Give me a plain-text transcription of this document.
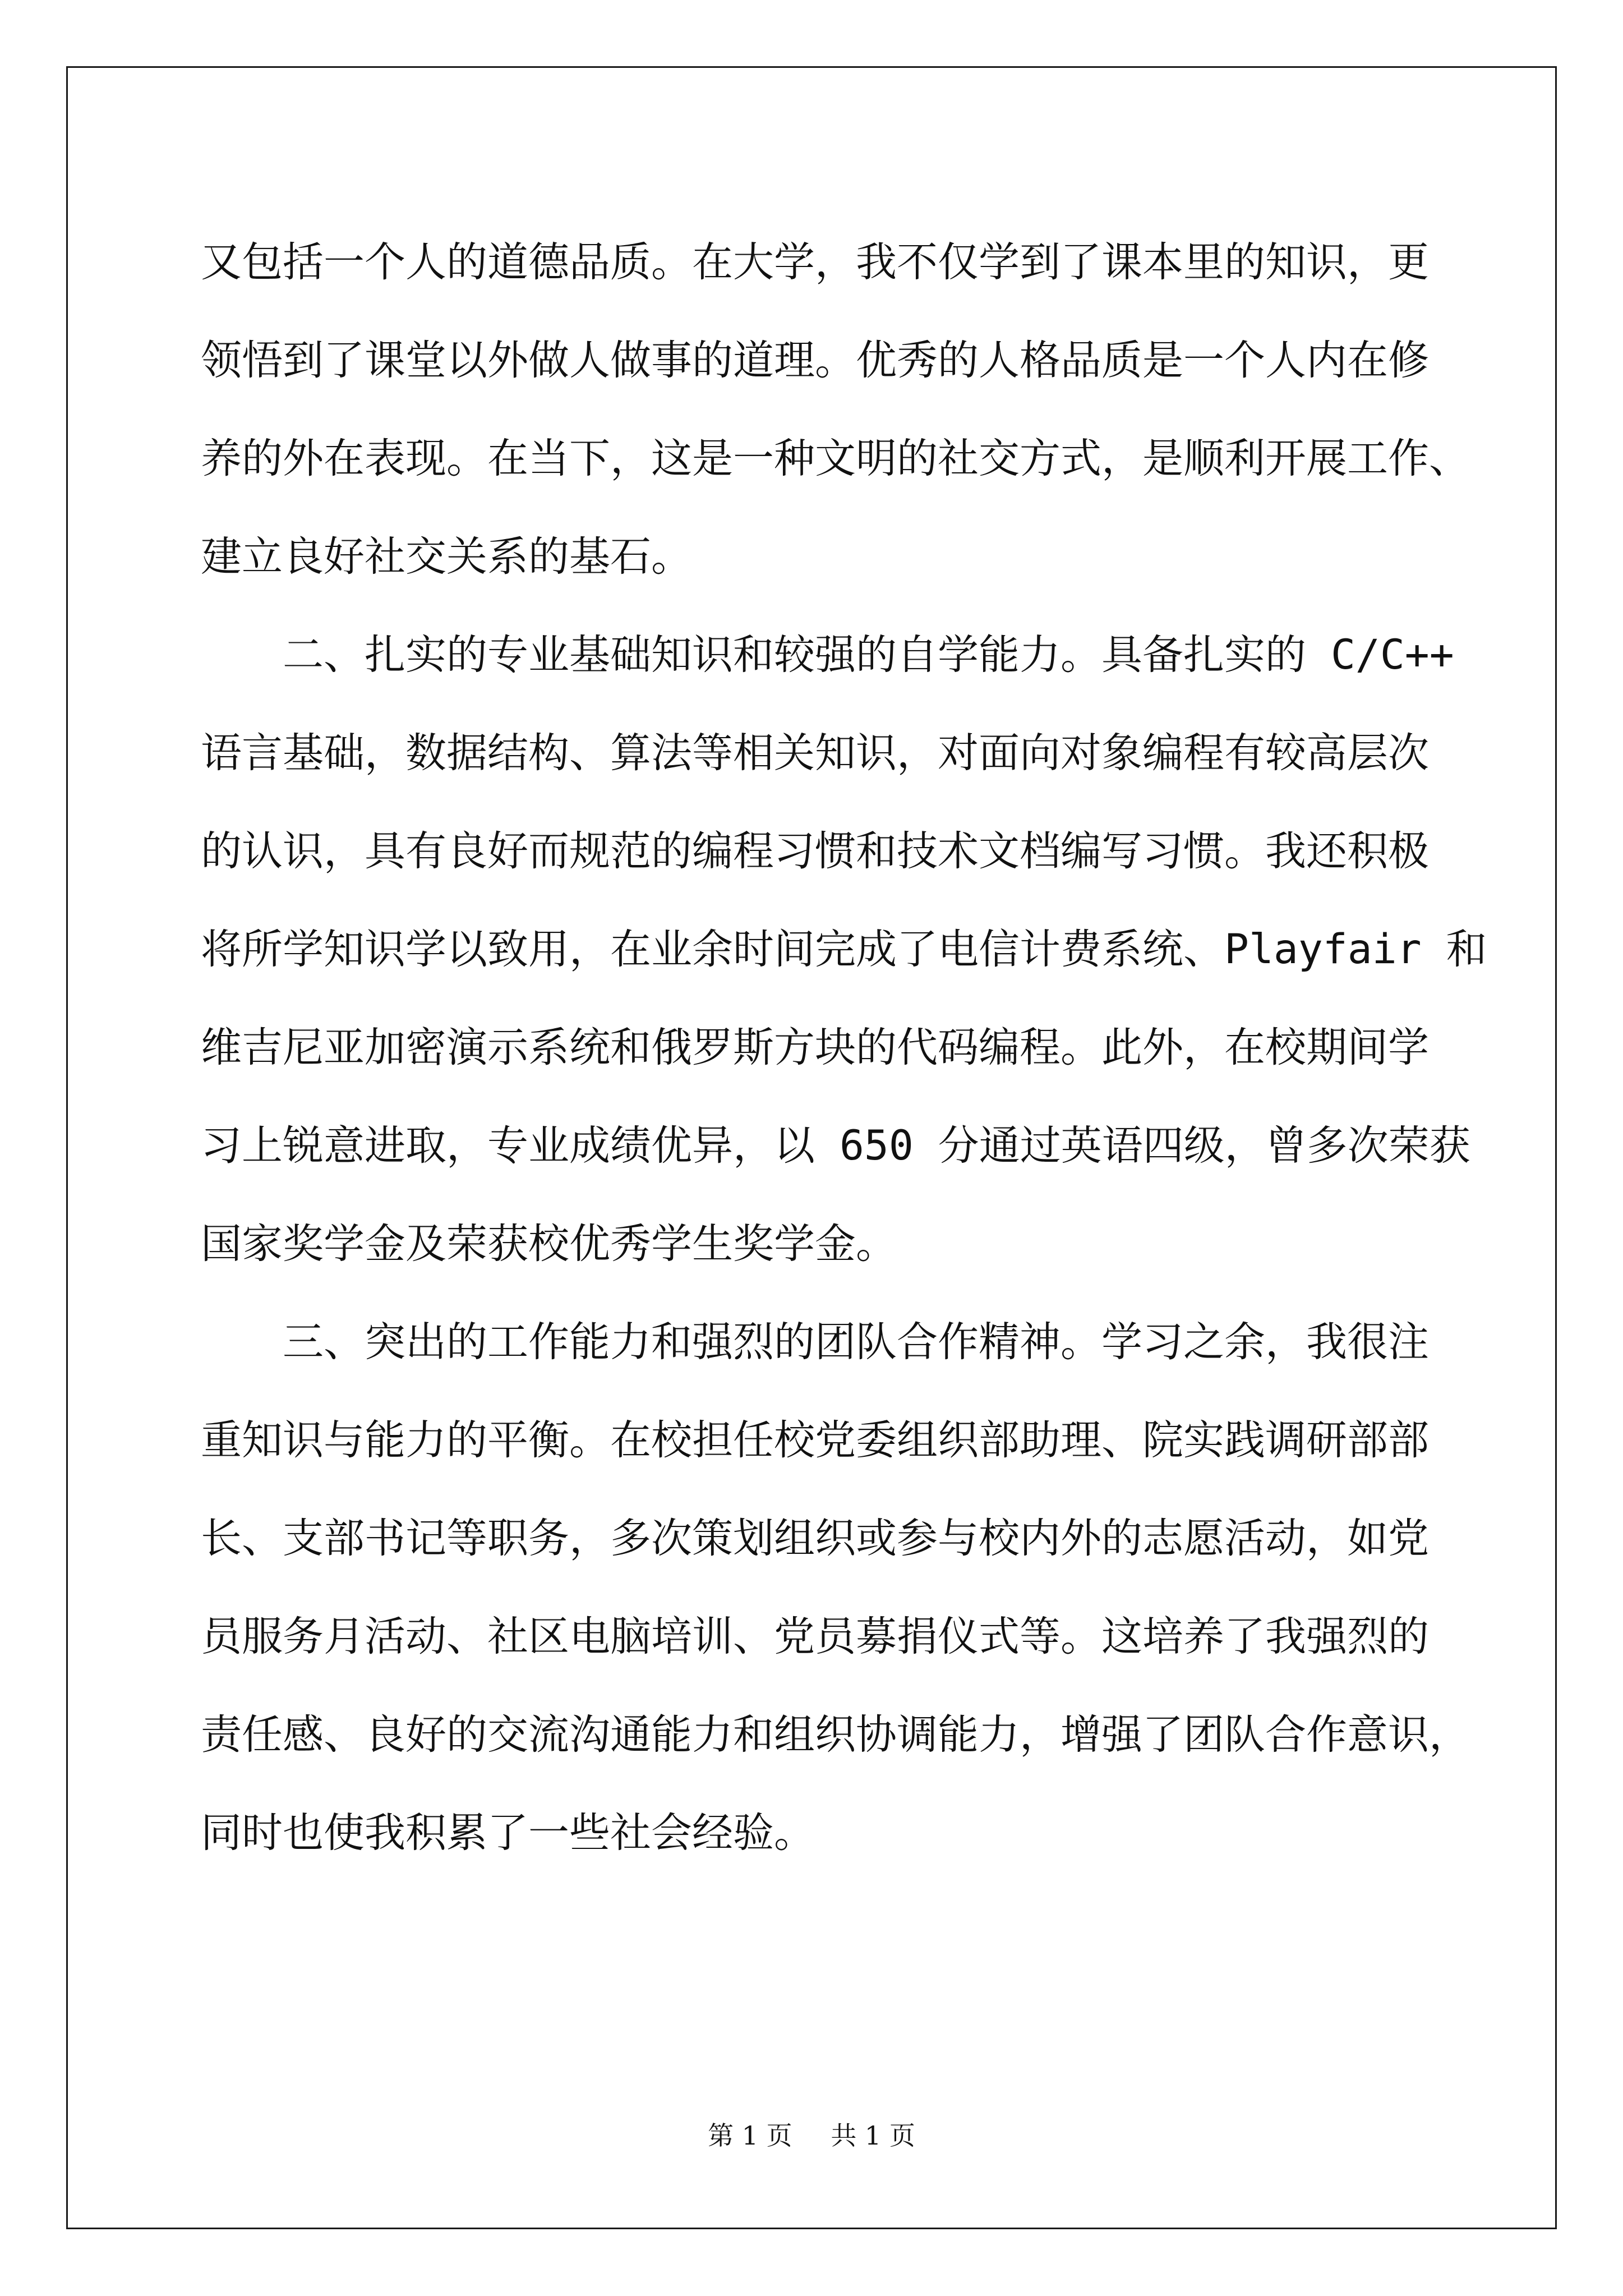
又包括一个人的道德品质。在大学，我不仅学到了课本里的知识，更
领悟到了课堂以外做人做事的道理。优秀的人格品质是一个人内在修
养的外在表现。在当下，这是一种文明的社交方式，是顺利开展工作、
建立良好社交关系的基石。
　　二、扎实的专业基础知识和较强的自学能力。具备扎实的 C/C++
语言基础，数据结构、算法等相关知识，对面向对象编程有较高层次
的认识，具有良好而规范的编程习惯和技术文档编写习惯。我还积极
将所学知识学以致用，在业余时间完成了电信计费系统、Playfair 和
维吉尼亚加密演示系统和俄罗斯方块的代码编程。此外，在校期间学
习上锐意进取，专业成绩优异，以 650 分通过英语四级，曾多次荣获
国家奖学金及荣获校优秀学生奖学金。
　　三、突出的工作能力和强烈的团队合作精神。学习之余，我很注
重知识与能力的平衡。在校担任校党委组织部助理、院实践调研部部
长、支部书记等职务，多次策划组织或参与校内外的志愿活动，如党
员服务月活动、社区电脑培训、党员募捐仪式等。这培养了我强烈的
责任感、良好的交流沟通能力和组织协调能力，增强了团队合作意识，
同时也使我积累了一些社会经验。
第 1 页 共 1 页
